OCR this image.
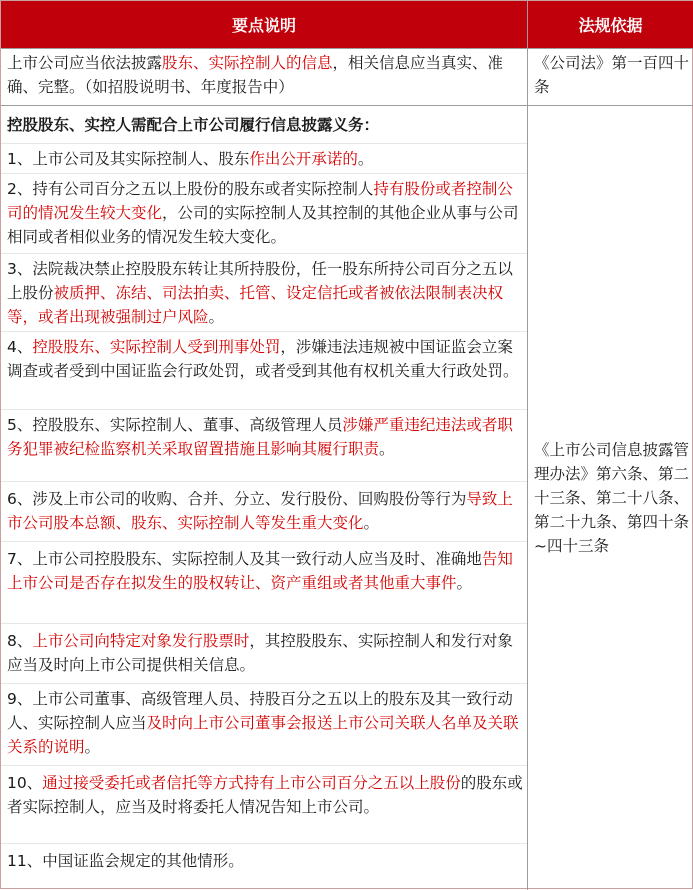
要点说明	法规依据
上市公司应当依法披露股东、实际控制人的信息，相关信息应当真实、准确、完整。（如招股说明书、年度报告中）
《公司法》第一百四十条
控股股东、实控人需配合上市公司履行信息披露义务：
1、上市公司及其实际控制人、股东作出公开承诺的。
2、持有公司百分之五以上股份的股东或者实际控制人持有股份或者控制公司的情况发生较大变化，公司的实际控制人及其控制的其他企业从事与公司相同或者相似业务的情况发生较大变化。
3、法院裁决禁止控股股东转让其所持股份，任一股东所持公司百分之五以上股份被质押、冻结、司法拍卖、托管、设定信托或者被依法限制表决权等，或者出现被强制过户风险。
4、控股股东、实际控制人受到刑事处罚，涉嫌违法违规被中国证监会立案调查或者受到中国证监会行政处罚，或者受到其他有权机关重大行政处罚。
5、控股股东、实际控制人、董事、高级管理人员涉嫌严重违纪违法或者职务犯罪被纪检监察机关采取留置措施且影响其履行职责。
6、涉及上市公司的收购、合并、分立、发行股份、回购股份等行为导致上市公司股本总额、股东、实际控制人等发生重大变化。
7、上市公司控股股东、实际控制人及其一致行动人应当及时、准确地告知上市公司是否存在拟发生的股权转让、资产重组或者其他重大事件。
8、上市公司向特定对象发行股票时，其控股股东、实际控制人和发行对象应当及时向上市公司提供相关信息。
9、上市公司董事、高级管理人员、持股百分之五以上的股东及其一致行动人、实际控制人应当及时向上市公司董事会报送上市公司关联人名单及关联关系的说明。
10、通过接受委托或者信托等方式持有上市公司百分之五以上股份的股东或者实际控制人，应当及时将委托人情况告知上市公司。
11、中国证监会规定的其他情形。
《上市公司信息披露管理办法》第六条、第二十三条、第二十八条、第二十九条、第四十条~四十三条
